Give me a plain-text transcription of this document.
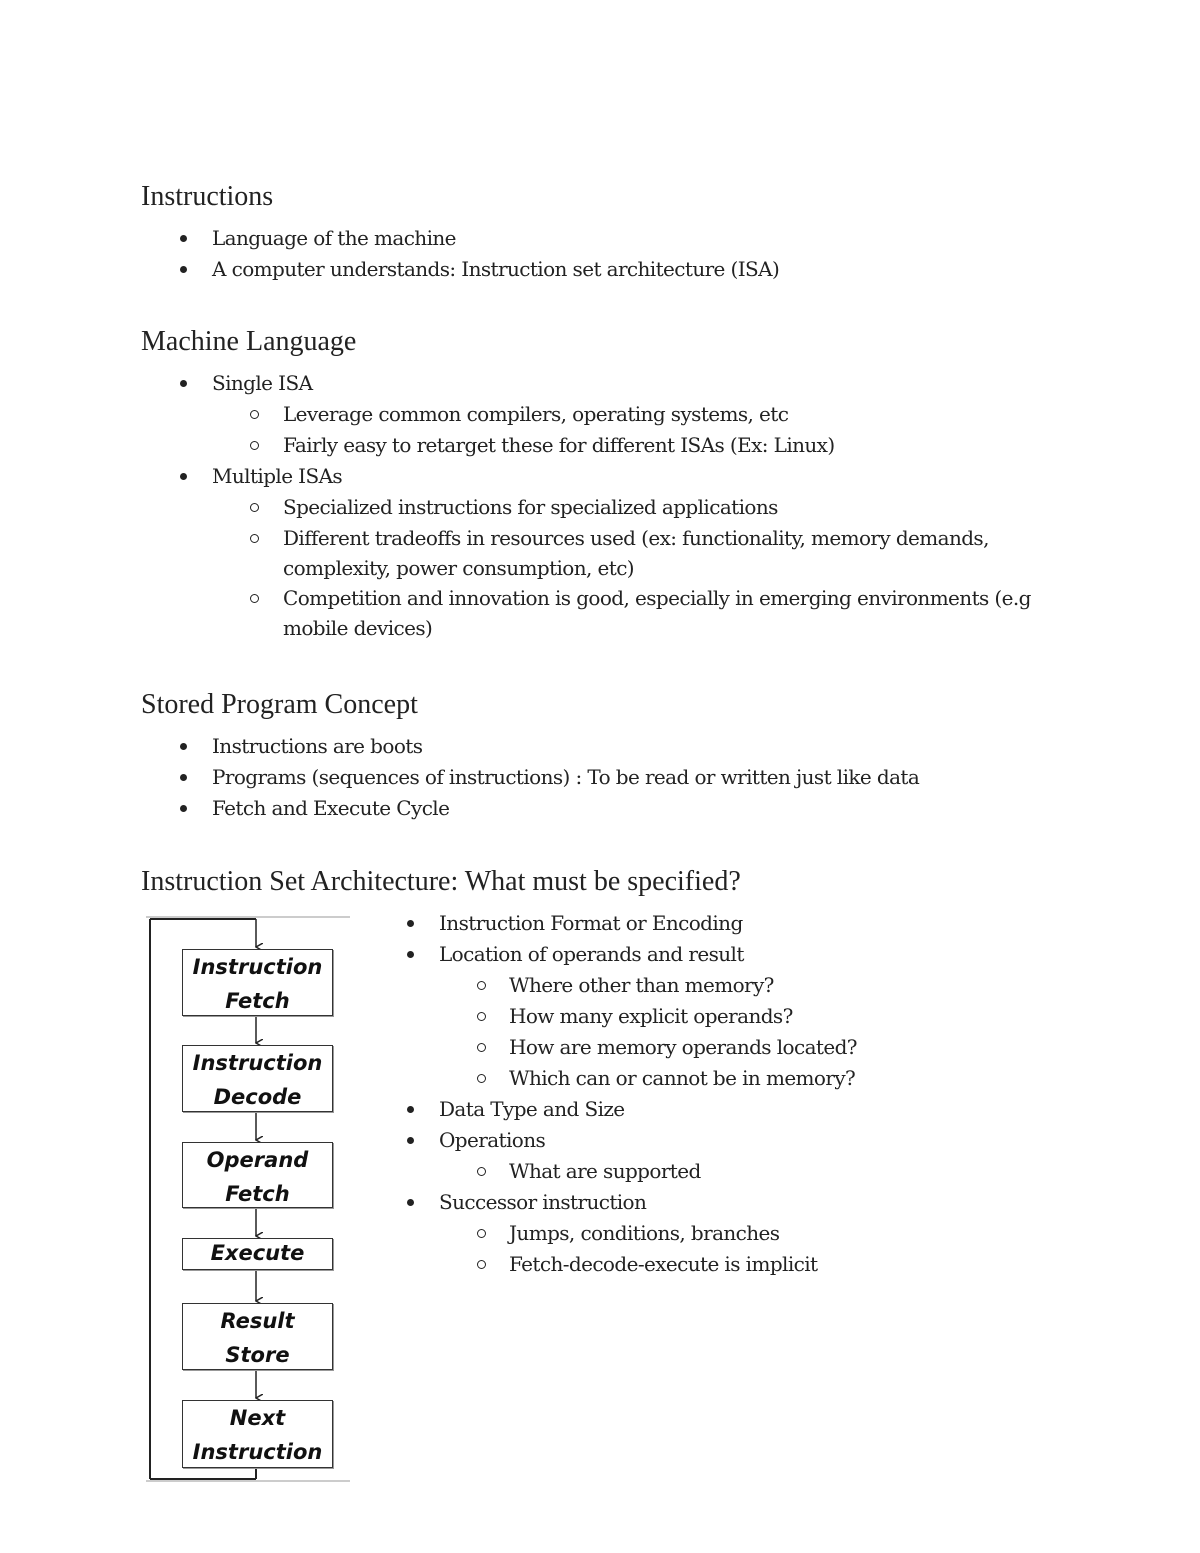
Instructions
Language of the machine
A computer understands: Instruction set architecture (ISA)
Machine Language
Single ISA
Leverage common compilers, operating systems, etc
Fairly easy to retarget these for different ISAs (Ex: Linux)
Multiple ISAs
Specialized instructions for specialized applications
Different tradeoffs in resources used (ex: functionality, memory demands, complexity, power consumption, etc)
Competition and innovation is good, especially in emerging environments (e.g mobile devices)
Stored Program Concept
Instructions are boots
Programs (sequences of instructions) : To be read or written just like data
Fetch and Execute Cycle
Instruction Set Architecture: What must be specified?
Instruction
Fetch
Instruction
Decode
Operand
Fetch
Execute
Result
Store
Next
Instruction
Instruction Format or Encoding
Location of operands and result
Where other than memory?
How many explicit operands?
How are memory operands located?
Which can or cannot be in memory?
Data Type and Size
Operations
What are supported
Successor instruction
Jumps, conditions, branches
Fetch-decode-execute is implicit
